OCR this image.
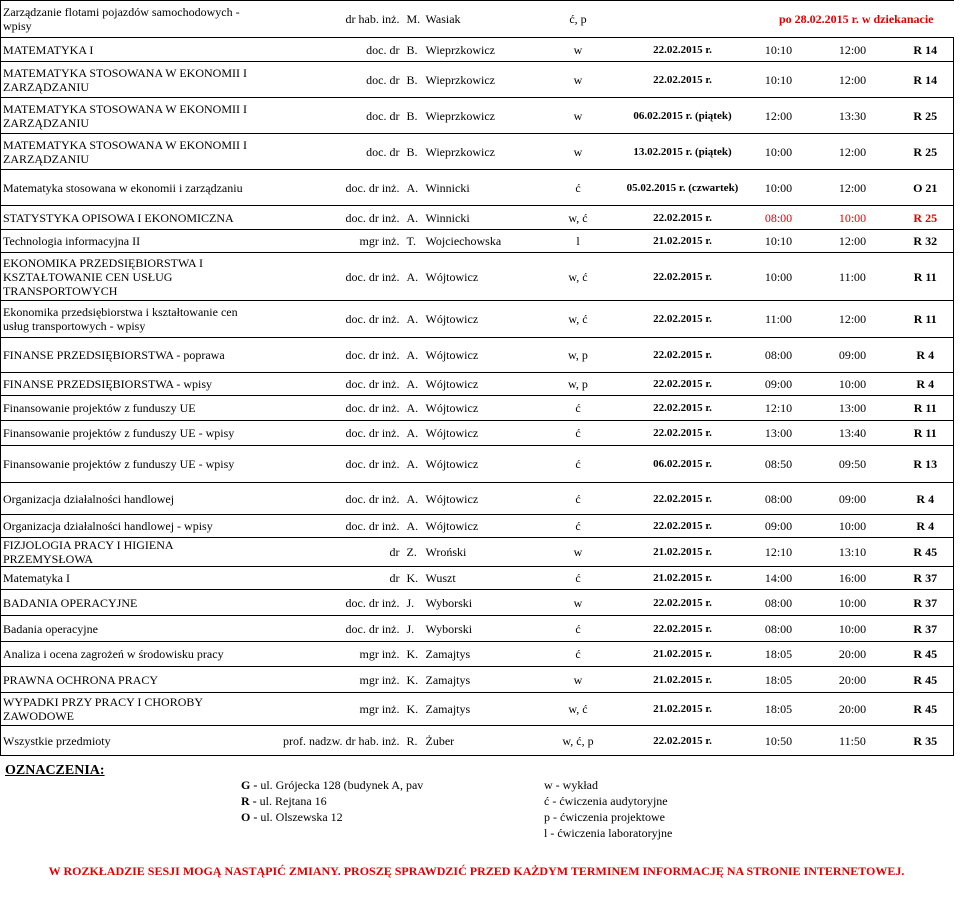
Zarządzanie flotami pojazdów samochodowych - wpisy	dr hab. inż.	M.	Wasiak	ć, p	po 28.02.2015 r. w dziekanacie			
MATEMATYKA I	doc. dr	B.	Wieprzkowicz	w	22.02.2015 r.	10:10	12:00	R 14
MATEMATYKA STOSOWANA W EKONOMII I ZARZĄDZANIU	doc. dr	B.	Wieprzkowicz	w	22.02.2015 r.	10:10	12:00	R 14
MATEMATYKA STOSOWANA W EKONOMII I ZARZĄDZANIU	doc. dr	B.	Wieprzkowicz	w	06.02.2015 r. (piątek)	12:00	13:30	R 25
MATEMATYKA STOSOWANA W EKONOMII I ZARZĄDZANIU	doc. dr	B.	Wieprzkowicz	w	13.02.2015 r. (piątek)	10:00	12:00	R 25
Matematyka stosowana w ekonomii i zarządzaniu	doc. dr inż.	A.	Winnicki	ć	05.02.2015 r. (czwartek)	10:00	12:00	O 21
STATYSTYKA OPISOWA I EKONOMICZNA	doc. dr inż.	A.	Winnicki	w, ć	22.02.2015 r.	08:00	10:00	R 25
Technologia informacyjna II	mgr inż.	T.	Wojciechowska	l	21.02.2015 r.	10:10	12:00	R 32
EKONOMIKA PRZEDSIĘBIORSTWA I KSZTAŁTOWANIE CEN USŁUG TRANSPORTOWYCH	doc. dr inż.	A.	Wójtowicz	w, ć	22.02.2015 r.	10:00	11:00	R 11
Ekonomika przedsiębiorstwa i kształtowanie cen usług transportowych - wpisy	doc. dr inż.	A.	Wójtowicz	w, ć	22.02.2015 r.	11:00	12:00	R 11
FINANSE PRZEDSIĘBIORSTWA - poprawa	doc. dr inż.	A.	Wójtowicz	w, p	22.02.2015 r.	08:00	09:00	R 4
FINANSE PRZEDSIĘBIORSTWA - wpisy	doc. dr inż.	A.	Wójtowicz	w, p	22.02.2015 r.	09:00	10:00	R 4
Finansowanie projektów z funduszy UE	doc. dr inż.	A.	Wójtowicz	ć	22.02.2015 r.	12:10	13:00	R 11
Finansowanie projektów z funduszy UE - wpisy	doc. dr inż.	A.	Wójtowicz	ć	22.02.2015 r.	13:00	13:40	R 11
Finansowanie projektów z funduszy UE - wpisy	doc. dr inż.	A.	Wójtowicz	ć	06.02.2015 r.	08:50	09:50	R 13
Organizacja działalności handlowej	doc. dr inż.	A.	Wójtowicz	ć	22.02.2015 r.	08:00	09:00	R 4
Organizacja działalności handlowej - wpisy	doc. dr inż.	A.	Wójtowicz	ć	22.02.2015 r.	09:00	10:00	R 4
FIZJOLOGIA PRACY I HIGIENA PRZEMYSŁOWA	dr	Z.	Wroński	w	21.02.2015 r.	12:10	13:10	R 45
Matematyka I	dr	K.	Wuszt	ć	21.02.2015 r.	14:00	16:00	R 37
BADANIA OPERACYJNE	doc. dr inż.	J.	Wyborski	w	22.02.2015 r.	08:00	10:00	R 37
Badania operacyjne	doc. dr inż.	J.	Wyborski	ć	22.02.2015 r.	08:00	10:00	R 37
Analiza i ocena zagrożeń w środowisku pracy	mgr inż.	K.	Zamajtys	ć	21.02.2015 r.	18:05	20:00	R 45
PRAWNA OCHRONA PRACY	mgr inż.	K.	Zamajtys	w	21.02.2015 r.	18:05	20:00	R 45
WYPADKI PRZY PRACY I CHOROBY ZAWODOWE	mgr inż.	K.	Zamajtys	w, ć	21.02.2015 r.	18:05	20:00	R 45
Wszystkie przedmioty	prof. nadzw. dr hab. inż.	R.	Żuber	w, ć, p	22.02.2015 r.	10:50	11:50	R 35
OZNACZENIA:
G - ul. Grójecka 128 (budynek A, pav
R - ul. Rejtana 16
O - ul. Olszewska 12
w - wykład
ć - ćwiczenia audytoryjne
p - ćwiczenia projektowe
l - ćwiczenia laboratoryjne
W ROZKŁADZIE SESJI MOGĄ NASTĄPIĆ ZMIANY. PROSZĘ SPRAWDZIĆ PRZED KAŻDYM TERMINEM INFORMACJĘ NA STRONIE INTERNETOWEJ.
